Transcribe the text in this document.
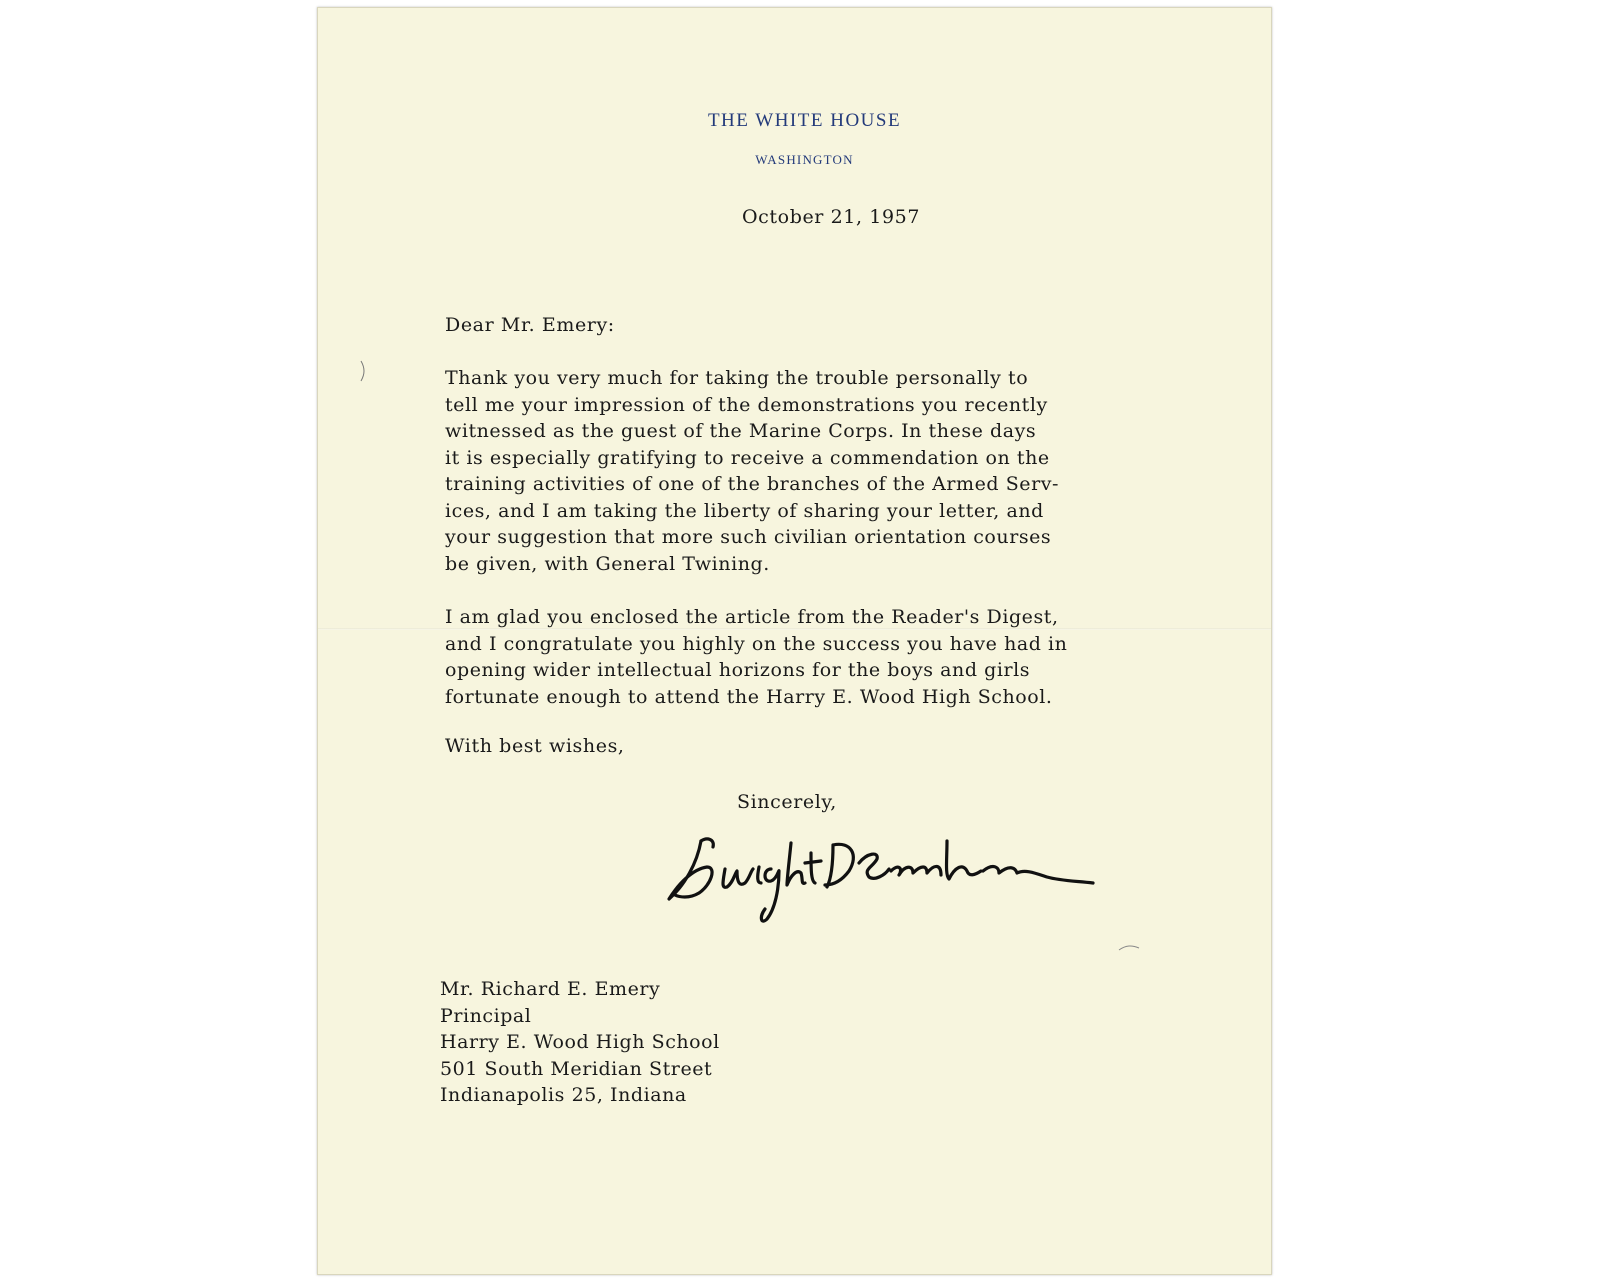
THE WHITE HOUSE
WASHINGTON
October 21, 1957
Dear Mr. Emery:
Thank you very much for taking the trouble personally to
tell me your impression of the demonstrations you recently
witnessed as the guest of the Marine Corps. In these days
it is especially gratifying to receive a commendation on the
training activities of one of the branches of the Armed Serv-
ices, and I am taking the liberty of sharing your letter, and
your suggestion that more such civilian orientation courses
be given, with General Twining.
I am glad you enclosed the article from the Reader's Digest,
and I congratulate you highly on the success you have had in
opening wider intellectual horizons for the boys and girls
fortunate enough to attend the Harry E. Wood High School.
With best wishes,
Sincerely,
Mr. Richard E. Emery
Principal
Harry E. Wood High School
501 South Meridian Street
Indianapolis 25, Indiana
